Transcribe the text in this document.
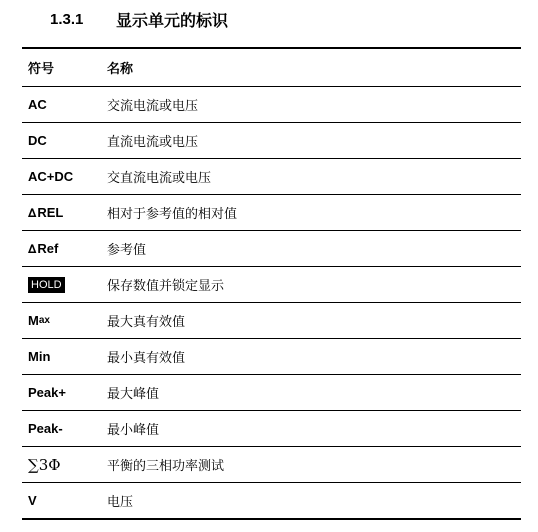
1.3.1	显示单元的标识
符号	名称
AC	交流电流或电压
DC	直流电流或电压
AC+DC	交直流电流或电压
∆ REL	相对于参考值的相对值
∆ Ref	参考值
HOLD	保存数值并锁定显示
M ax	最大真有效值
Min	最小真有效值
Peak+	最大峰值
Peak-	最小峰值
∑3Φ	平衡的三相功率测试
V	电压
